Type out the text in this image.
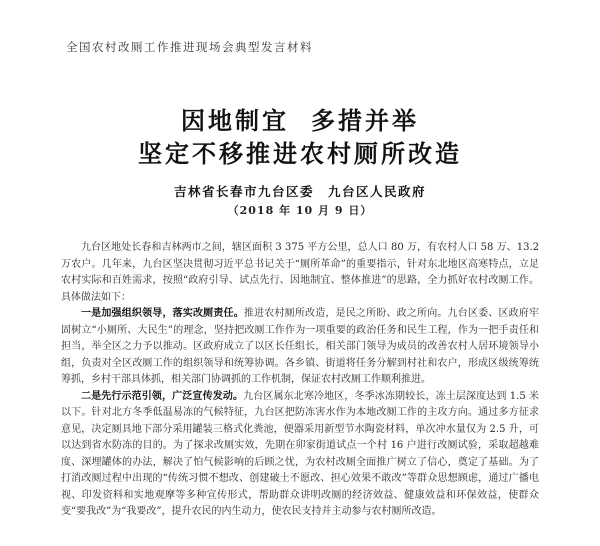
全国农村改厕工作推进现场会典型发言材料
因地制宜 多措并举
坚定不移推进农村厕所改造
吉林省长春市九台区委 九台区人民政府
（2018 年 10 月 9 日）

九台区地处长春和吉林两市之间，辖区面积 3 375 平方公里，总人口 80 万，有农村人口 58 万、13.2 万农户。几年来，九台区坚决贯彻习近平总书记关于“厕所革命”的重要指示，针对东北地区高寒特点，立足农村实际和百姓需求，按照“政府引导、试点先行、因地制宜、整体推进”的思路，全力抓好农村改厕工作。具体做法如下：

一是加强组织领导，落实改厕责任。推进农村厕所改造，是民之所盼、政之所向。九台区委、区政府牢固树立“小厕所、大民生”的理念，坚持把改厕工作作为一项重要的政治任务和民生工程，作为一把手责任和担当，举全区之力予以推动。区政府成立了以区长任组长，相关部门领导为成员的改善农村人居环境领导小组，负责对全区改厕工作的组织领导和统筹协调。各乡镇、街道将任务分解到村社和农户，形成区级统筹统筹抓，乡村干部具体抓，相关部门协调抓的工作机制，保证农村改厕工作顺利推进。

二是先行示范引领，广泛宣传发动。九台区属东北寒冷地区，冬季冰冻期较长，冻土层深度达到 1.5 米以下。针对北方冬季低温易冻的气候特征，九台区把防冻害水作为本地改厕工作的主攻方向。通过多方征求意见，决定厕具地下部分采用罐装三格式化粪池，便器采用新型节水陶瓷材料，单次冲水量仅为 2.5 升，可以达到省水防冻的目的。为了探求改厕实效，先期在卯家街道试点一个村 16 户进行改厕试验，采取超越难度、深埋罐体的办法，解决了怕气候影响的后顾之忧，为农村改厕全面推广树立了信心，奠定了基础。为了打消改厕过程中出现的“传统习惯不想改、创建破土不愿改、担心效果不敢改”等群众思想顾虑，通过广播电视、印发资料和实地观摩等多种宣传形式，帮助群众讲明改厕的经济效益、健康效益和环保效益，使群众变“要我改”为“我要改”，提升农民的内生动力，使农民支持并主动参与农村厕所改造。
